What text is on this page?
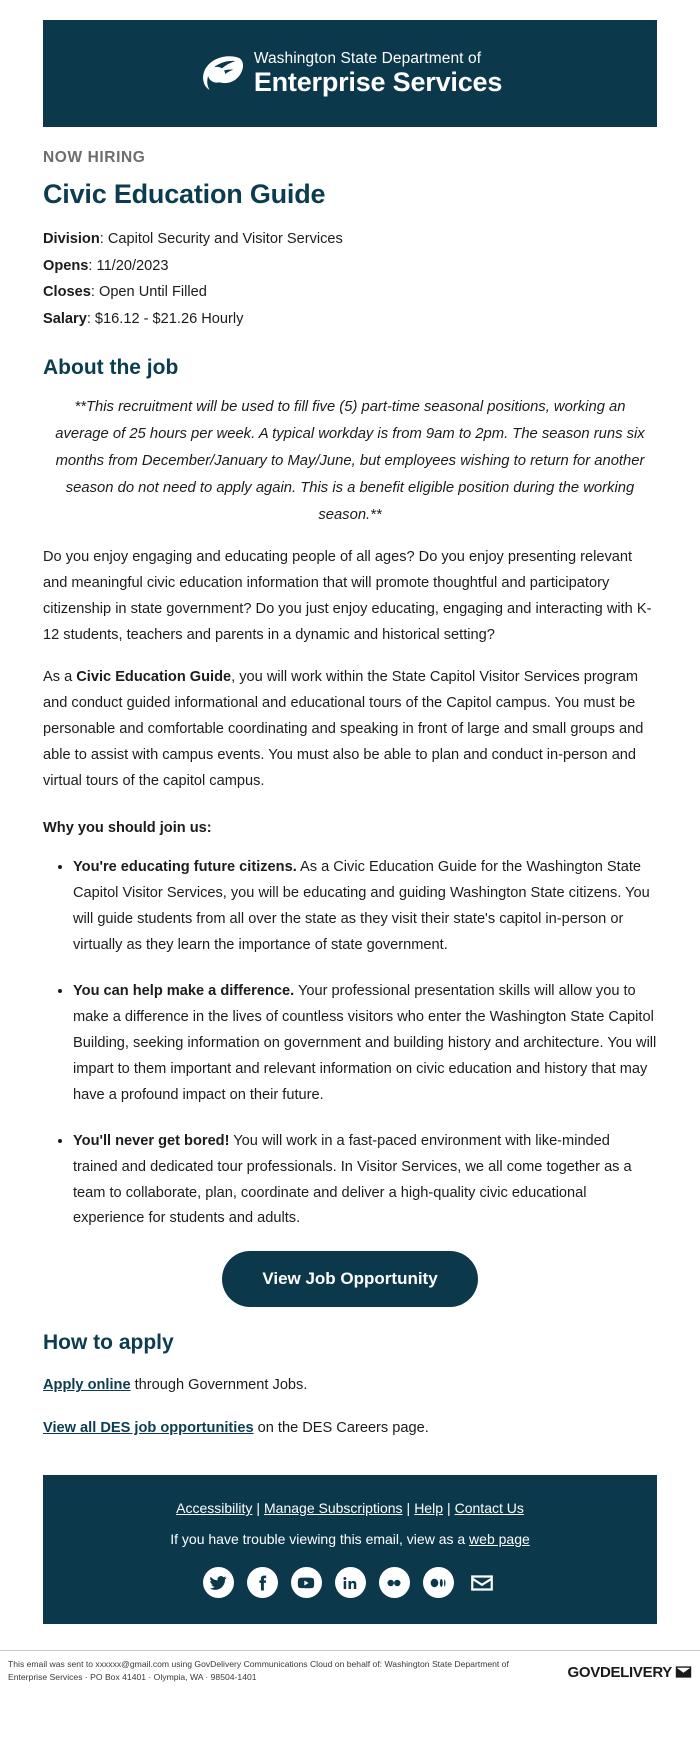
Washington State Department of
Enterprise Services
NOW HIRING
Civic Education Guide
Division: Capitol Security and Visitor Services
Opens: 11/20/2023
Closes: Open Until Filled
Salary: $16.12 - $21.26 Hourly
About the job

**This recruitment will be used to fill five (5) part-time seasonal positions, working an average of 25 hours per week. A typical workday is from 9am to 2pm. The season runs six months from December/January to May/June, but employees wishing to return for another season do not need to apply again. This is a benefit eligible position during the working season.**

Do you enjoy engaging and educating people of all ages? Do you enjoy presenting relevant and meaningful civic education information that will promote thoughtful and participatory citizenship in state government? Do you just enjoy educating, engaging and interacting with K-12 students, teachers and parents in a dynamic and historical setting?

As a Civic Education Guide, you will work within the State Capitol Visitor Services program and conduct guided informational and educational tours of the Capitol campus. You must be personable and comfortable coordinating and speaking in front of large and small groups and able to assist with campus events. You must also be able to plan and conduct in-person and virtual tours of the capitol campus.

Why you should join us:

• You're educating future citizens. As a Civic Education Guide for the Washington State Capitol Visitor Services, you will be educating and guiding Washington State citizens. You will guide students from all over the state as they visit their state's capitol in-person or virtually as they learn the importance of state government.
• You can help make a difference. Your professional presentation skills will allow you to make a difference in the lives of countless visitors who enter the Washington State Capitol Building, seeking information on government and building history and architecture. You will impart to them important and relevant information on civic education and history that may have a profound impact on their future.
• You'll never get bored! You will work in a fast-paced environment with like-minded trained and dedicated tour professionals. In Visitor Services, we all come together as a team to collaborate, plan, coordinate and deliver a high-quality civic educational experience for students and adults.
View Job Opportunity
How to apply

Apply online through Government Jobs.

View all DES job opportunities on the DES Careers page.

Accessibility | Manage Subscriptions | Help | Contact Us
If you have trouble viewing this email, view as a web page
This email was sent to xxxxxx@gmail.com using GovDelivery Communications Cloud on behalf of: Washington State Department of
Enterprise Services · PO Box 41401 · Olympia, WA · 98504-1401	GOVDELIVERY
